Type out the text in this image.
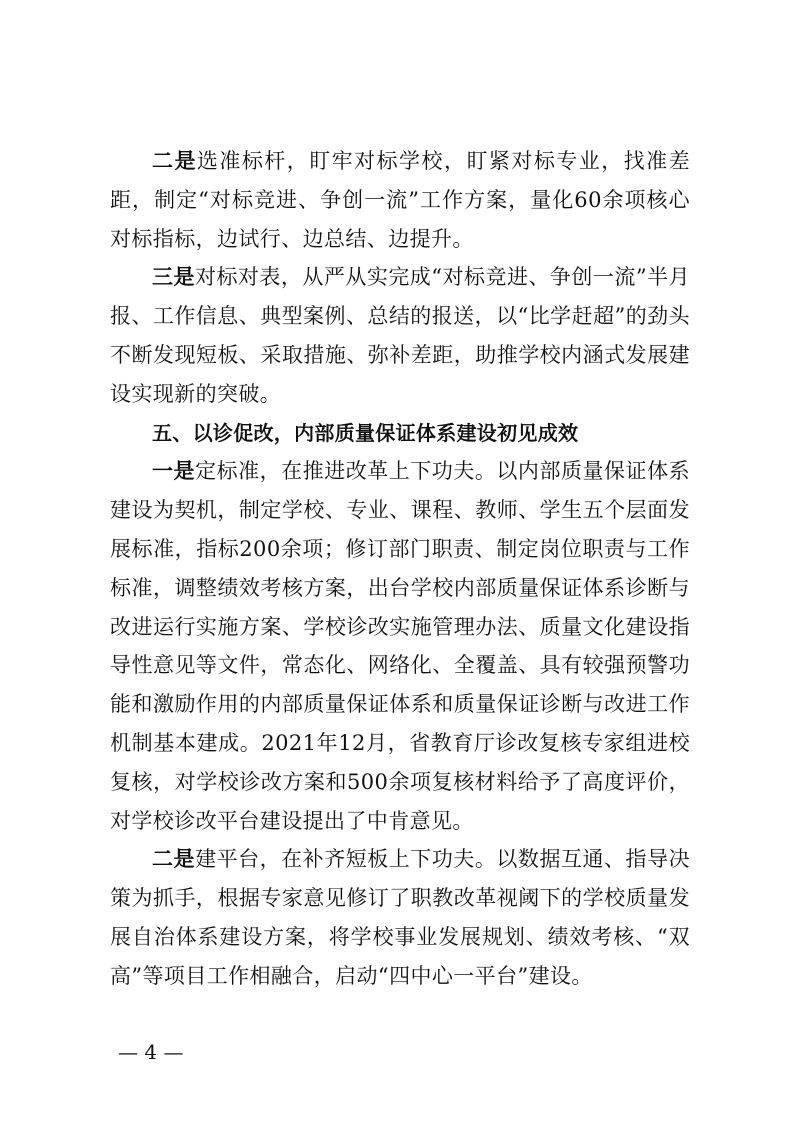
二是选准标杆，盯牢对标学校，盯紧对标专业，找准差距，制定“对标竞进、争创一流”工作方案，量化60余项核心对标指标，边试行、边总结、边提升。

三是对标对表，从严从实完成“对标竞进、争创一流”半月报、工作信息、典型案例、总结的报送，以“比学赶超”的劲头不断发现短板、采取措施、弥补差距，助推学校内涵式发展建设实现新的突破。

五、以诊促改，内部质量保证体系建设初见成效

一是定标准，在推进改革上下功夫。以内部质量保证体系建设为契机，制定学校、专业、课程、教师、学生五个层面发展标准，指标200余项；修订部门职责、制定岗位职责与工作标准，调整绩效考核方案，出台学校内部质量保证体系诊断与改进运行实施方案、学校诊改实施管理办法、质量文化建设指导性意见等文件，常态化、网络化、全覆盖、具有较强预警功能和激励作用的内部质量保证体系和质量保证诊断与改进工作机制基本建成。2021年12月，省教育厅诊改复核专家组进校复核，对学校诊改方案和500余项复核材料给予了高度评价，对学校诊改平台建设提出了中肯意见。

二是建平台，在补齐短板上下功夫。以数据互通、指导决策为抓手，根据专家意见修订了职教改革视阈下的学校质量发展自治体系建设方案，将学校事业发展规划、绩效考核、“双高”等项目工作相融合，启动“四中心一平台”建设。

— 4 —
